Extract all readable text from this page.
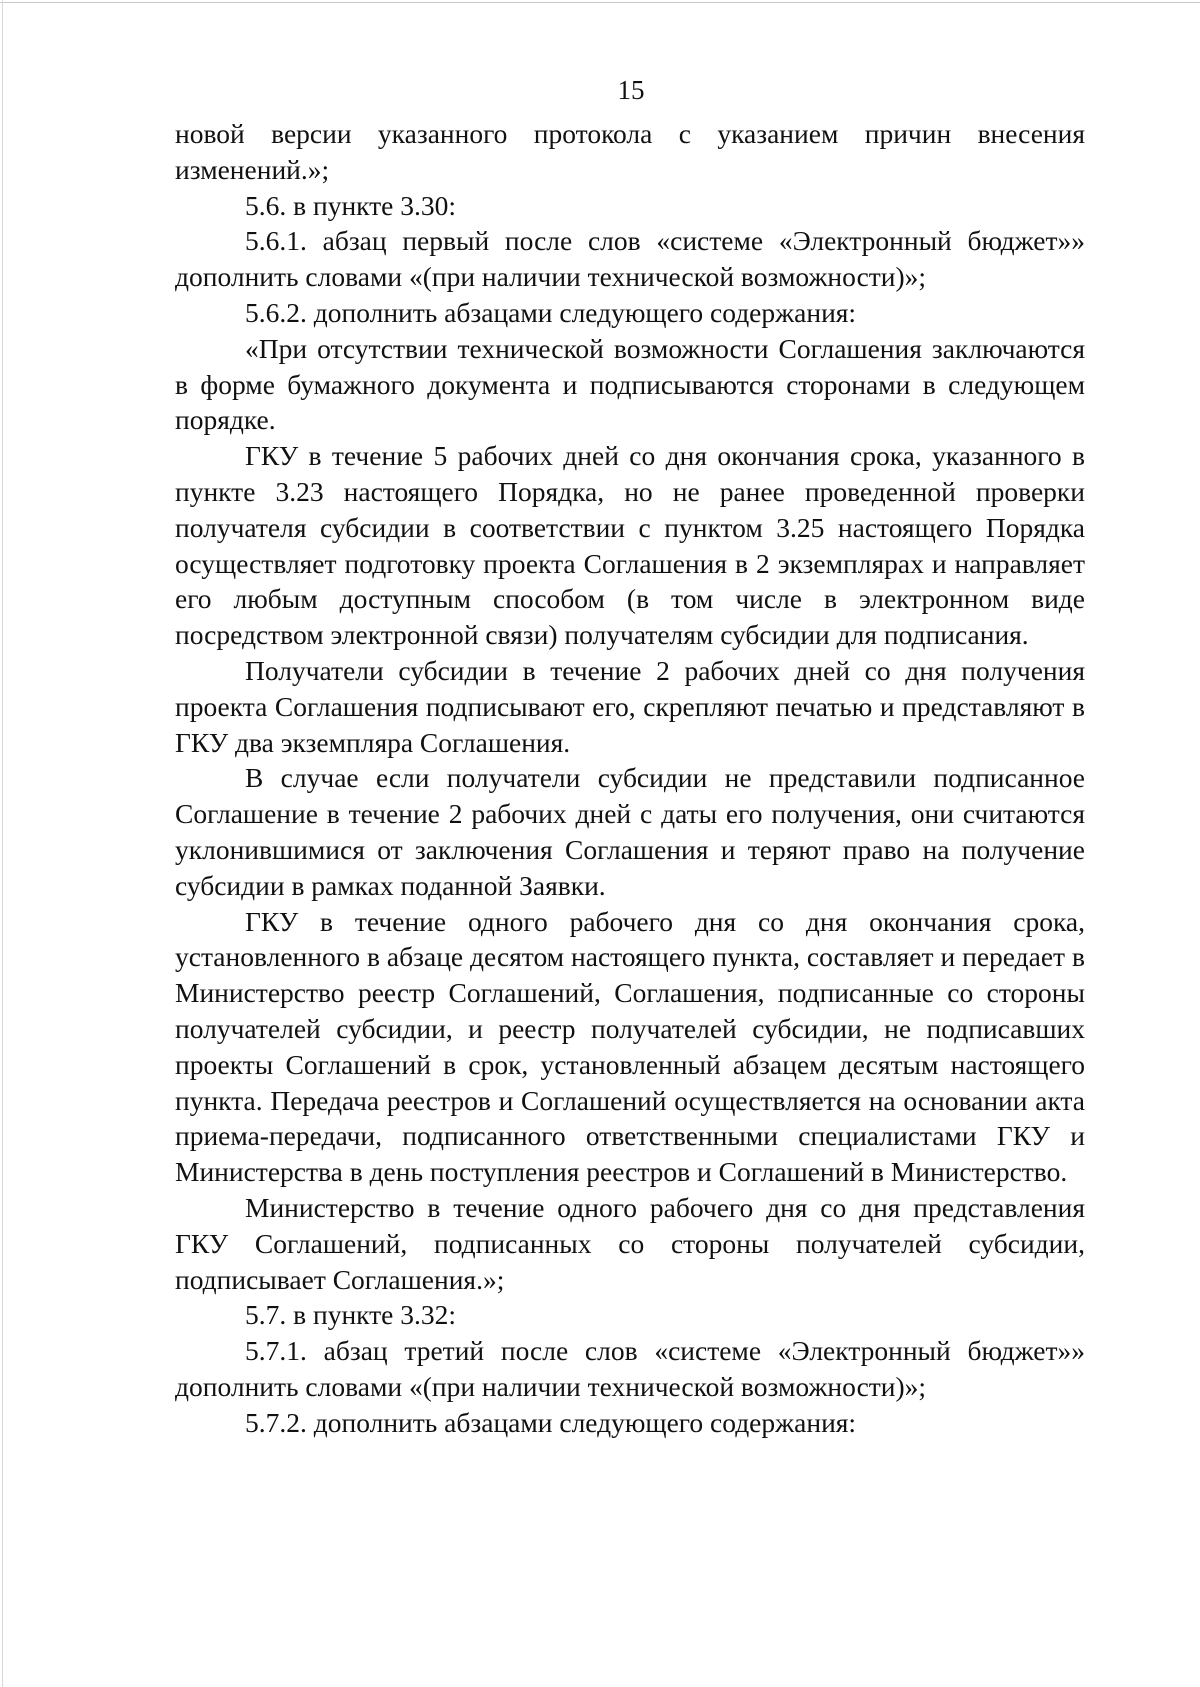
15

новой версии указанного протокола с указанием причин внесения изменений.»;

5.6. в пункте 3.30:

5.6.1. абзац первый после слов «системе «Электронный бюджет»» дополнить словами «(при наличии технической возможности)»;

5.6.2. дополнить абзацами следующего содержания:

«При отсутствии технической возможности Соглашения заключаются в форме бумажного документа и подписываются сторонами в следующем порядке.

ГКУ в течение 5 рабочих дней со дня окончания срока, указанного в пункте 3.23 настоящего Порядка, но не ранее проведенной проверки получателя субсидии в соответствии с пунктом 3.25 настоящего Порядка осуществляет подготовку проекта Соглашения в 2 экземплярах и направляет его любым доступным способом (в том числе в электронном виде посредством электронной связи) получателям субсидии для подписания.

Получатели субсидии в течение 2 рабочих дней со дня получения проекта Соглашения подписывают его, скрепляют печатью и представляют в ГКУ два экземпляра Соглашения.

В случае если получатели субсидии не представили подписанное Соглашение в течение 2 рабочих дней с даты его получения, они считаются уклонившимися от заключения Соглашения и теряют право на получение субсидии в рамках поданной Заявки.

ГКУ в течение одного рабочего дня со дня окончания срока, установленного в абзаце десятом настоящего пункта, составляет и передает в Министерство реестр Соглашений, Соглашения, подписанные со стороны получателей субсидии, и реестр получателей субсидии, не подписавших проекты Соглашений в срок, установленный абзацем десятым настоящего пункта. Передача реестров и Соглашений осуществляется на основании акта приема-передачи, подписанного ответственными специалистами ГКУ и Министерства в день поступления реестров и Соглашений в Министерство.

Министерство в течение одного рабочего дня со дня представления ГКУ Соглашений, подписанных со стороны получателей субсидии, подписывает Соглашения.»;

5.7. в пункте 3.32:

5.7.1. абзац третий после слов «системе «Электронный бюджет»» дополнить словами «(при наличии технической возможности)»;

5.7.2. дополнить абзацами следующего содержания:
